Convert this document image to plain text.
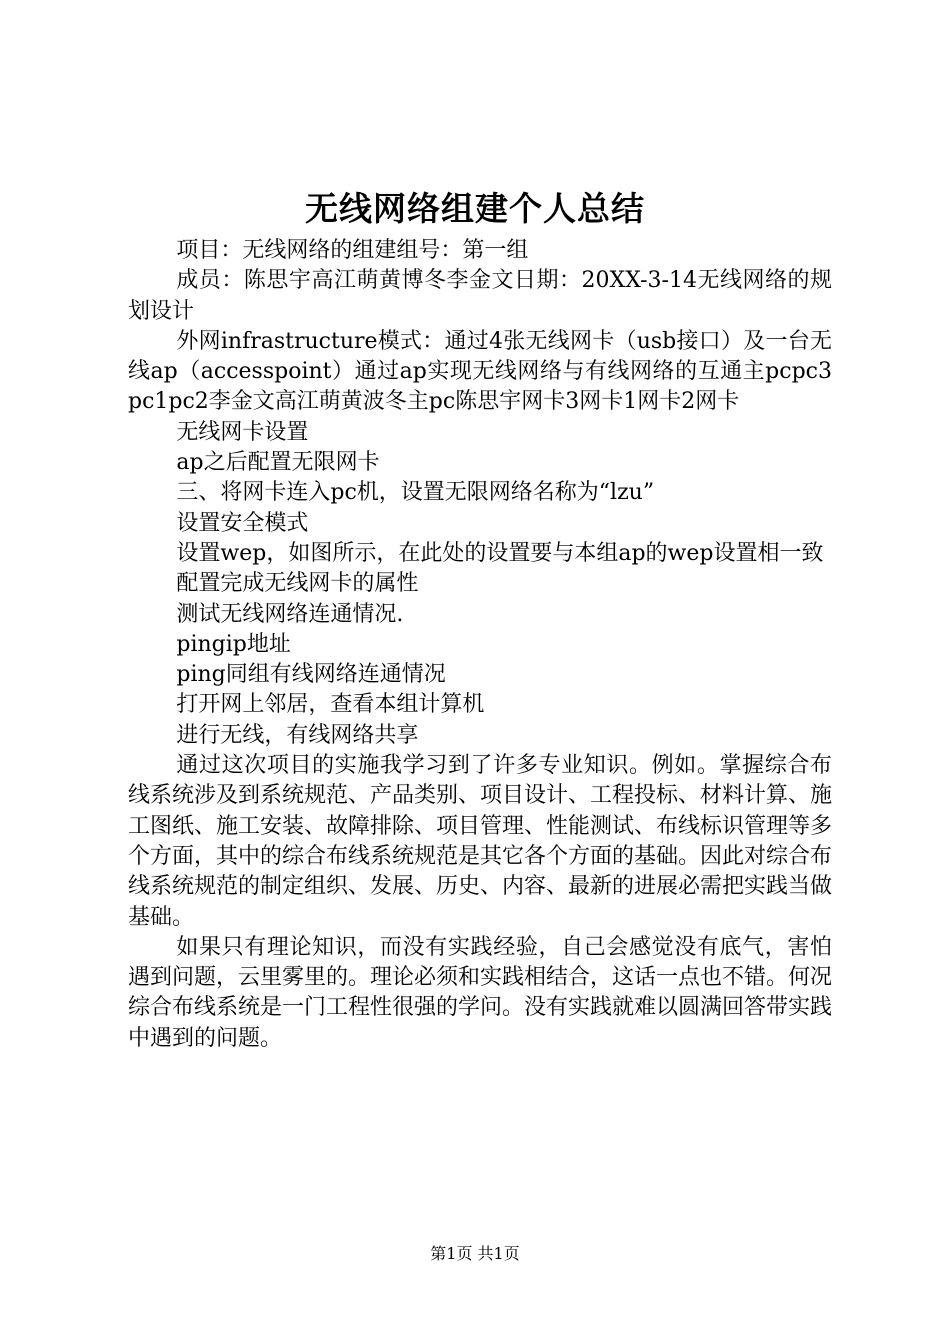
无线网络组建个人总结

项目：无线网络的组建组号：第一组

成员：陈思宇高江萌黄博冬李金文日期：20XX-3-14无线网络的规划设计

外网infrastructure模式：通过4张无线网卡（usb接口）及一台无线ap（accesspoint）通过ap实现无线网络与有线网络的互通主pcpc3pc1pc2李金文高江萌黄波冬主pc陈思宇网卡3网卡1网卡2网卡

无线网卡设置

ap之后配置无限网卡

三、将网卡连入pc机，设置无限网络名称为“lzu”

设置安全模式

设置wep，如图所示，在此处的设置要与本组ap的wep设置相一致

配置完成无线网卡的属性

测试无线网络连通情况.

pingip地址

ping同组有线网络连通情况

打开网上邻居，查看本组计算机

进行无线，有线网络共享

通过这次项目的实施我学习到了许多专业知识。例如。掌握综合布线系统涉及到系统规范、产品类别、项目设计、工程投标、材料计算、施工图纸、施工安装、故障排除、项目管理、性能测试、布线标识管理等多个方面，其中的综合布线系统规范是其它各个方面的基础。因此对综合布线系统规范的制定组织、发展、历史、内容、最新的进展必需把实践当做基础。

如果只有理论知识，而没有实践经验，自己会感觉没有底气，害怕遇到问题，云里雾里的。理论必须和实践相结合，这话一点也不错。何况综合布线系统是一门工程性很强的学问。没有实践就难以圆满回答带实践中遇到的问题。

第1页 共1页
